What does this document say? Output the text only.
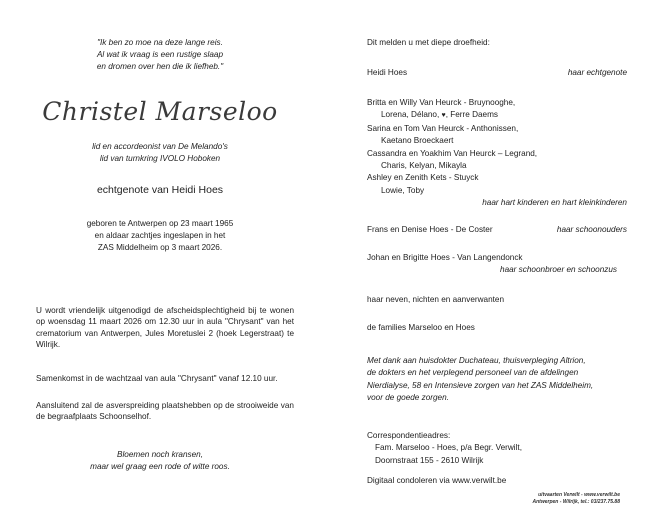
"Ik ben zo moe na deze lange reis.
Al wat ik vraag is een rustige slaap
en dromen over hen die ik liefheb."
Christel Marseloo
lid en accordeonist van De Melando's
lid van turnkring IVOLO Hoboken
echtgenote van Heidi Hoes
geboren te Antwerpen op 23 maart 1965
en aldaar zachtjes ingeslapen in het
ZAS Middelheim op 3 maart 2026.
U wordt vriendelijk uitgenodigd de afscheidsplechtigheid bij te wonen op woensdag 11 maart 2026 om 12.30 uur in aula "Chrysant" van het crematorium van Antwerpen, Jules Moretuslei 2 (hoek Legerstraat) te Wilrijk.
Samenkomst in de wachtzaal van aula "Chrysant" vanaf 12.10 uur.
Aansluitend zal de asverspreiding plaatshebben op de strooiweide van de begraafplaats Schoonselhof.
Bloemen noch kransen,
maar wel graag een rode of witte roos.
Dit melden u met diepe droefheid:
Heidi Hoes	haar echtgenote
Britta en Willy Van Heurck - Bruynooghe,
Lorena, Délano, ♥, Ferre Daems
Sarina en Tom Van Heurck - Anthonissen,
Kaetano Broeckaert
Cassandra en Yoakhim Van Heurck – Legrand,
Charis, Kelyan, Mikayla
Ashley en Zenith Kets - Stuyck
Lowie, Toby
haar hart kinderen en hart kleinkinderen
Frans en Denise Hoes - De Coster	haar schoonouders
Johan en Brigitte Hoes - Van Langendonck
haar schoonbroer en schoonzus
haar neven, nichten en aanverwanten
de families Marseloo en Hoes
Met dank aan huisdokter Duchateau, thuisverpleging Altrion,
de dokters en het verplegend personeel van de afdelingen
Nierdialyse, 58 en Intensieve zorgen van het ZAS Middelheim,
voor de goede zorgen.
Correspondentieadres:
Fam. Marseloo - Hoes, p/a Begr. Verwilt,
Doornstraat 155 - 2610 Wilrijk
Digitaal condoleren via www.verwilt.be
uitvaarten Verwilt - www.verwilt.be
Antwerpen - Wilrijk, tel.: 03/237.75.88
